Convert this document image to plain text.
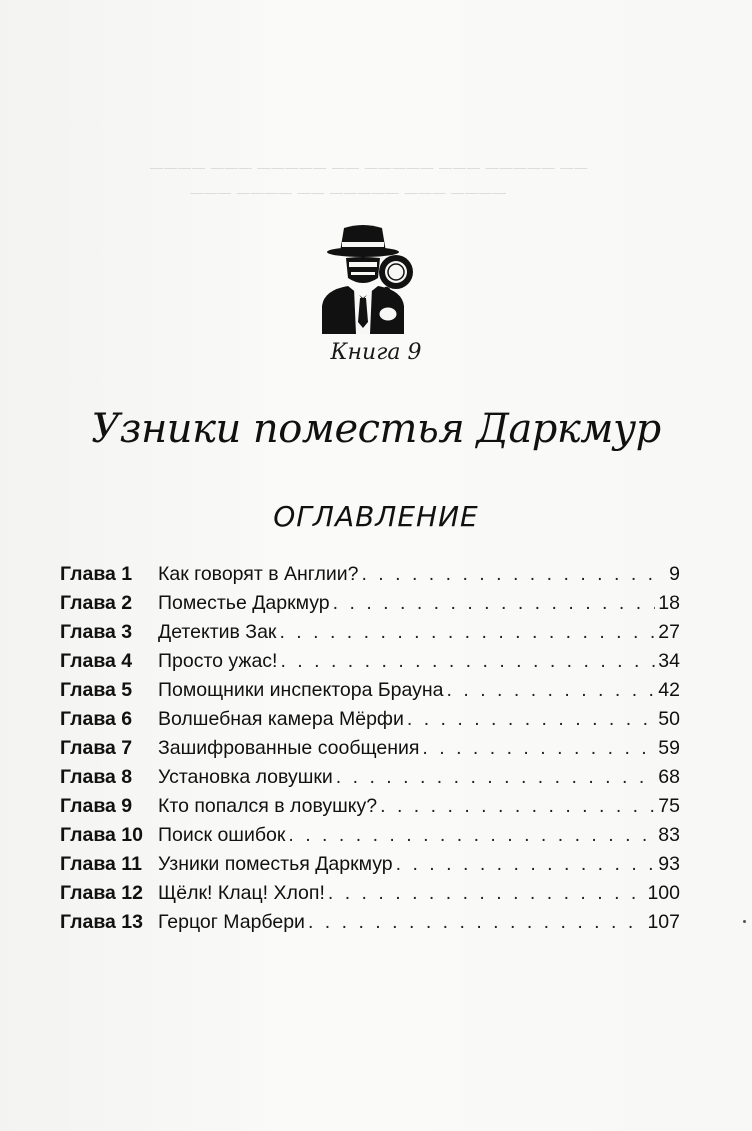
———— ——— ————— —— ————— ——— ————— ——
——— ———— —— ————— ——— ————
Книга 9
Узники поместья Даркмур
ОГЛАВЛЕНИЕ
Глава 1	Как говорят в Англии? . . .	9
Глава 2	Поместье Даркмур . . .	18
Глава 3	Детектив Зак . . .	27
Глава 4	Просто ужас! . . .	34
Глава 5	Помощники инспектора Брауна . . .	42
Глава 6	Волшебная камера Мёрфи . . .	50
Глава 7	Зашифрованные сообщения . . .	59
Глава 8	Установка ловушки . . .	68
Глава 9	Кто попался в ловушку? . . .	75
Глава 10 Поиск ошибок . . .	83
Глава 11 Узники поместья Даркмур . . .	93
Глава 12 Щёлк! Клац! Хлоп! . . .	100
Глава 13 Герцог Марбери . . .	107
